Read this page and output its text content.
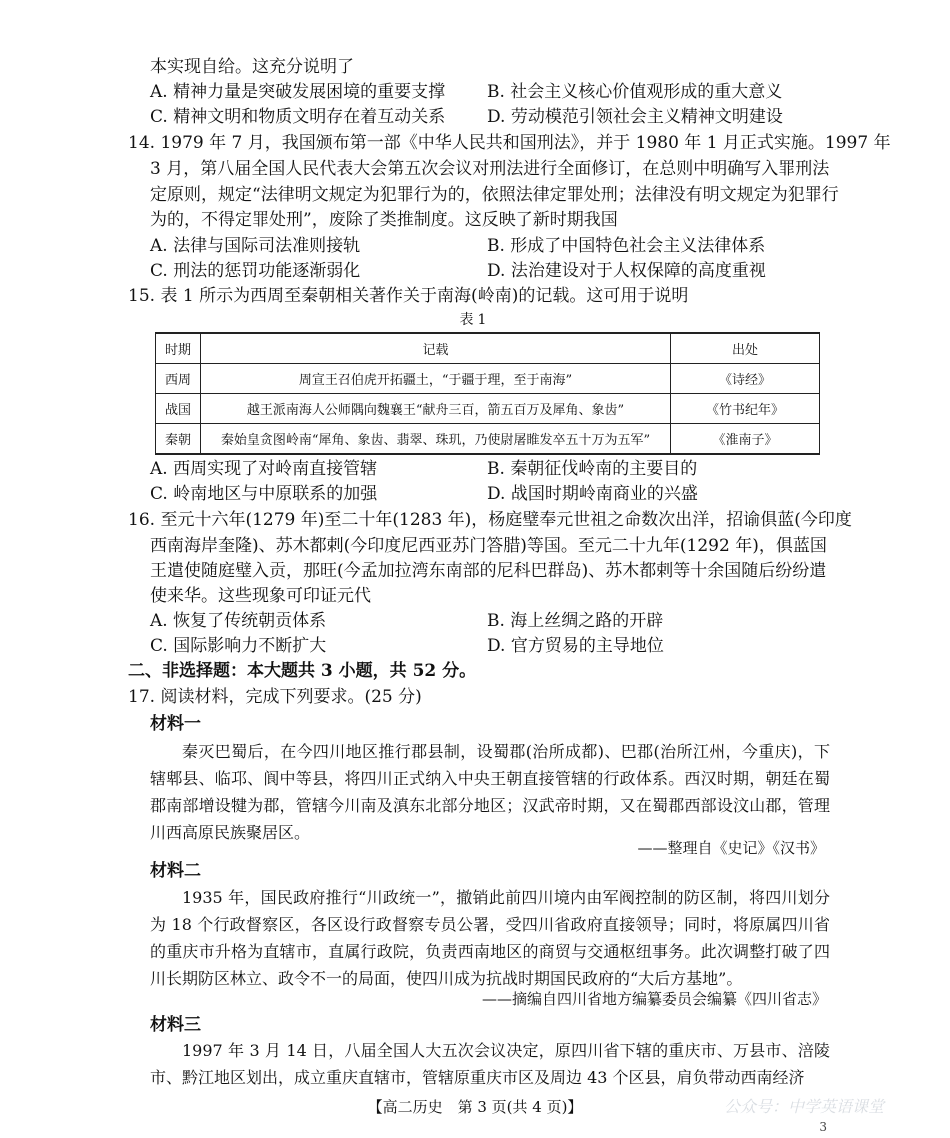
本实现自给。这充分说明了
A. 精神力量是突破发展困境的重要支撑 B. 社会主义核心价值观形成的重大意义
C. 精神文明和物质文明存在着互动关系 D. 劳动模范引领社会主义精神文明建设
14. 1979 年 7 月，我国颁布第一部《中华人民共和国刑法》，并于 1980 年 1 月正式实施。1997 年
3 月，第八届全国人民代表大会第五次会议对刑法进行全面修订，在总则中明确写入罪刑法
定原则，规定“法律明文规定为犯罪行为的，依照法律定罪处刑；法律没有明文规定为犯罪行
为的，不得定罪处刑”，废除了类推制度。这反映了新时期我国
A. 法律与国际司法准则接轨	B. 形成了中国特色社会主义法律体系
C. 刑法的惩罚功能逐渐弱化	D. 法治建设对于人权保障的高度重视
15. 表 1 所示为西周至秦朝相关著作关于南海(岭南)的记载。这可用于说明
表1
时期	记载	出处
西周	周宣王召伯虎开拓疆土，“于疆于理，至于南海”	《诗经》
战国	越王派南海人公师隅向魏襄王“献舟三百，箭五百万及犀角、象齿”	《竹书纪年》
秦朝	秦始皇贪图岭南“犀角、象齿、翡翠、珠玑，乃使尉屠睢发卒五十万为五军”	《淮南子》
A. 西周实现了对岭南直接管辖	B. 秦朝征伐岭南的主要目的
C. 岭南地区与中原联系的加强	D. 战国时期岭南商业的兴盛
16. 至元十六年(1279 年)至二十年(1283 年)，杨庭璧奉元世祖之命数次出洋，招谕俱蓝(今印度
西南海岸奎隆)、苏木都剌(今印度尼西亚苏门答腊)等国。至元二十九年(1292 年)，俱蓝国
王遣使随庭璧入贡，那旺(今孟加拉湾东南部的尼科巴群岛)、苏木都剌等十余国随后纷纷遣
使来华。这些现象可印证元代
A. 恢复了传统朝贡体系	B. 海上丝绸之路的开辟
C. 国际影响力不断扩大	D. 官方贸易的主导地位
二、非选择题：本大题共 3 小题，共 52 分。
17. 阅读材料，完成下列要求。(25 分)
材料一
秦灭巴蜀后，在今四川地区推行郡县制，设蜀郡(治所成都)、巴郡(治所江州，今重庆)，下辖郫县、临邛、阆中等县，将四川正式纳入中央王朝直接管辖的行政体系。西汉时期，朝廷在蜀郡南部增设犍为郡，管辖今川南及滇东北部分地区；汉武帝时期，又在蜀郡西部设汶山郡，管理川西高原民族聚居区。
——整理自《史记》《汉书》
材料二
1935 年，国民政府推行“川政统一”，撤销此前四川境内由军阀控制的防区制，将四川划分为 18 个行政督察区，各区设行政督察专员公署，受四川省政府直接领导；同时，将原属四川省的重庆市升格为直辖市，直属行政院，负责西南地区的商贸与交通枢纽事务。此次调整打破了四川长期防区林立、政令不一的局面，使四川成为抗战时期国民政府的“大后方基地”。
——摘编自四川省地方编纂委员会编纂《四川省志》
材料三
1997 年 3 月 14 日，八届全国人大五次会议决定，原四川省下辖的重庆市、万县市、涪陵市、黔江地区划出，成立重庆直辖市，管辖原重庆市区及周边 43 个区县，肩负带动西南经济
【高二历史　第 3 页(共 4 页)】	公众号：中学英语课堂
3
